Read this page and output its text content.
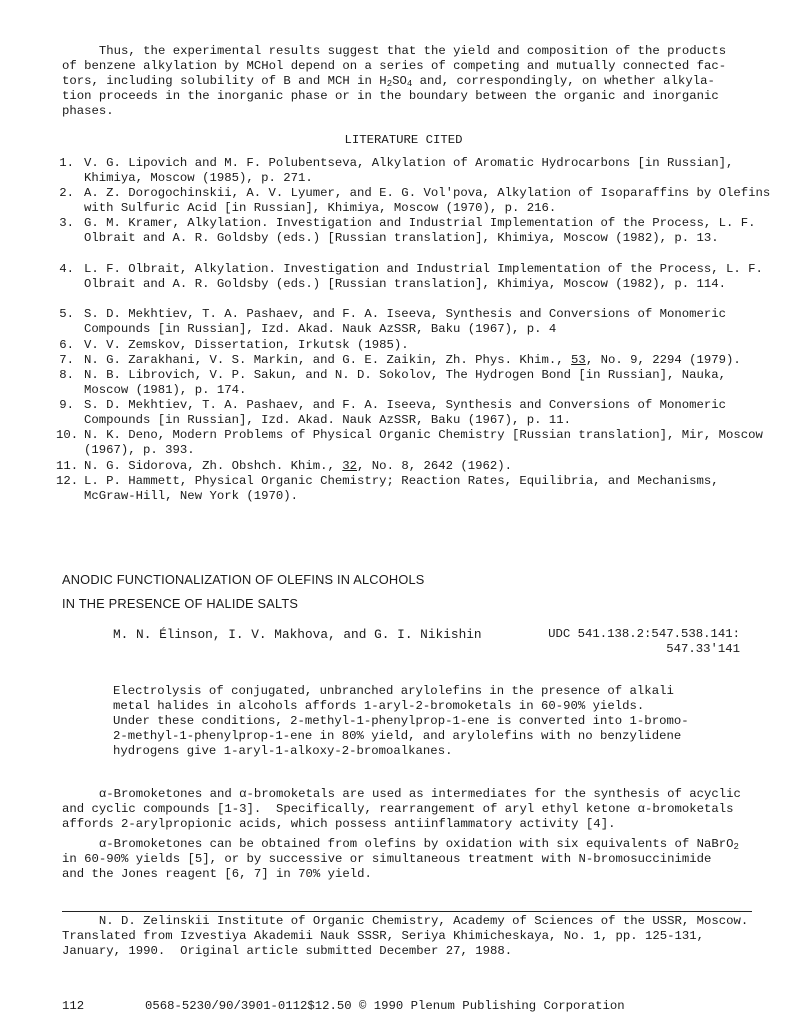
Thus, the experimental results suggest that the yield and composition of the products
of benzene alkylation by MCHol depend on a series of competing and mutually connected fac-
tors, including solubility of B and MCH in $H_2SO_4$ and, correspondingly, on whether alkyla-
tion proceeds in the inorganic phase or in the boundary between the organic and inorganic
phases.
LITERATURE CITED
1. V. G. Lipovich and M. F. Polubentseva, Alkylation of Aromatic Hydrocarbons [in Russian], Khimiya, Moscow (1985), p. 271.
2. A. Z. Dorogochinskii, A. V. Lyumer, and E. G. Vol'pova, Alkylation of Isoparaffins by Olefins with Sulfuric Acid [in Russian], Khimiya, Moscow (1970), p. 216.
3. G. M. Kramer, Alkylation. Investigation and Industrial Implementation of the Process, L. F. Olbrait and A. R. Goldsby (eds.) [Russian translation], Khimiya, Moscow (1982), p. 13.
4. L. F. Olbrait, Alkylation. Investigation and Industrial Implementation of the Process, L. F. Olbrait and A. R. Goldsby (eds.) [Russian translation], Khimiya, Moscow (1982), p. 114.
5. S. D. Mekhtiev, T. A. Pashaev, and F. A. Iseeva, Synthesis and Conversions of Monomeric Compounds [in Russian], Izd. Akad. Nauk AzSSR, Baku (1967), p. 4
6. V. V. Zemskov, Dissertation, Irkutsk (1985).
7. N. G. Zarakhani, V. S. Markin, and G. E. Zaikin, Zh. Phys. Khim., 53, No. 9, 2294 (1979).
8. N. B. Librovich, V. P. Sakun, and N. D. Sokolov, The Hydrogen Bond [in Russian], Nauka, Moscow (1981), p. 174.
9. S. D. Mekhtiev, T. A. Pashaev, and F. A. Iseeva, Synthesis and Conversions of Monomeric Compounds [in Russian], Izd. Akad. Nauk AzSSR, Baku (1967), p. 11.
10. N. K. Deno, Modern Problems of Physical Organic Chemistry [Russian translation], Mir, Moscow (1967), p. 393.
11. N. G. Sidorova, Zh. Obshch. Khim., 32, No. 8, 2642 (1962).
12. L. P. Hammett, Physical Organic Chemistry; Reaction Rates, Equilibria, and Mechanisms, McGraw-Hill, New York (1970).
ANODIC FUNCTIONALIZATION OF OLEFINS IN ALCOHOLS
IN THE PRESENCE OF HALIDE SALTS
M. N. Élinson, I. V. Makhova, and G. I. Nikishin	UDC 541.138.2:547.538.141:
547.33'141
Electrolysis of conjugated, unbranched arylolefins in the presence of alkali
metal halides in alcohols affords 1-aryl-2-bromoketals in 60-90% yields.
Under these conditions, 2-methyl-1-phenylprop-1-ene is converted into 1-bromo-
2-methyl-1-phenylprop-1-ene in 80% yield, and arylolefins with no benzylidene
hydrogens give 1-aryl-1-alkoxy-2-bromoalkanes.
α-Bromoketones and α-bromoketals are used as intermediates for the synthesis of acyclic
and cyclic compounds [1-3].  Specifically, rearrangement of aryl ethyl ketone α-bromoketals
affords 2-arylpropionic acids, which possess antiinflammatory activity [4].
α-Bromoketones can be obtained from olefins by oxidation with six equivalents of NaBrO$_2$
in 60-90% yields [5], or by successive or simultaneous treatment with N-bromosuccinimide
and the Jones reagent [6, 7] in 70% yield.
N. D. Zelinskii Institute of Organic Chemistry, Academy of Sciences of the USSR, Moscow.
Translated from Izvestiya Akademii Nauk SSSR, Seriya Khimicheskaya, No. 1, pp. 125-131,
January, 1990.  Original article submitted December 27, 1988.
112	0568-5230/90/3901-0112$12.50 © 1990 Plenum Publishing Corporation
